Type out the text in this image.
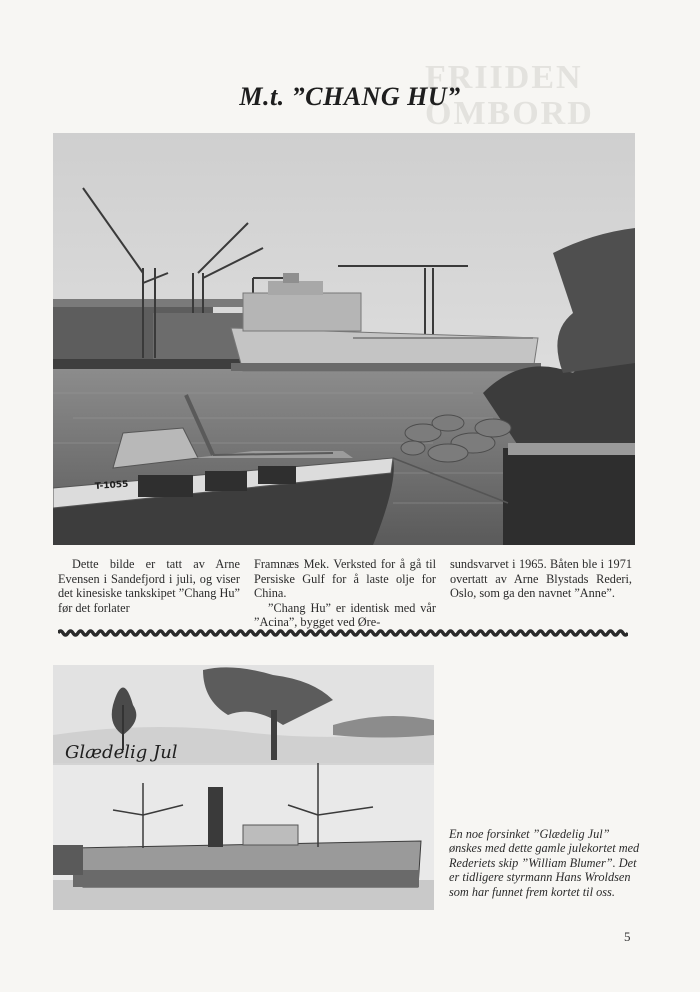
FRIIDEN
OMBORD
M.t. ”CHANG HU”
T-1055

Dette bilde er tatt av Arne Evensen i Sandefjord i juli, og viser det kinesiske tankskipet ”Chang Hu” før det forlater

Framnæs Mek. Verksted for å gå til Persiske Gulf for å laste olje for China.

”Chang Hu” er identisk med vår ”Acina”, bygget ved Øre-

sundsvarvet i 1965. Båten ble i 1971 overtatt av Arne Blystads Rederi, Oslo, som ga den navnet ”Anne”.

Glædelig Jul

En noe forsinket ”Glædelig Jul” ønskes med dette gamle julekortet med Rederiets skip ”William Blumer”. Det er tidligere styrmann Hans Wroldsen som har funnet frem kortet til oss.

5
